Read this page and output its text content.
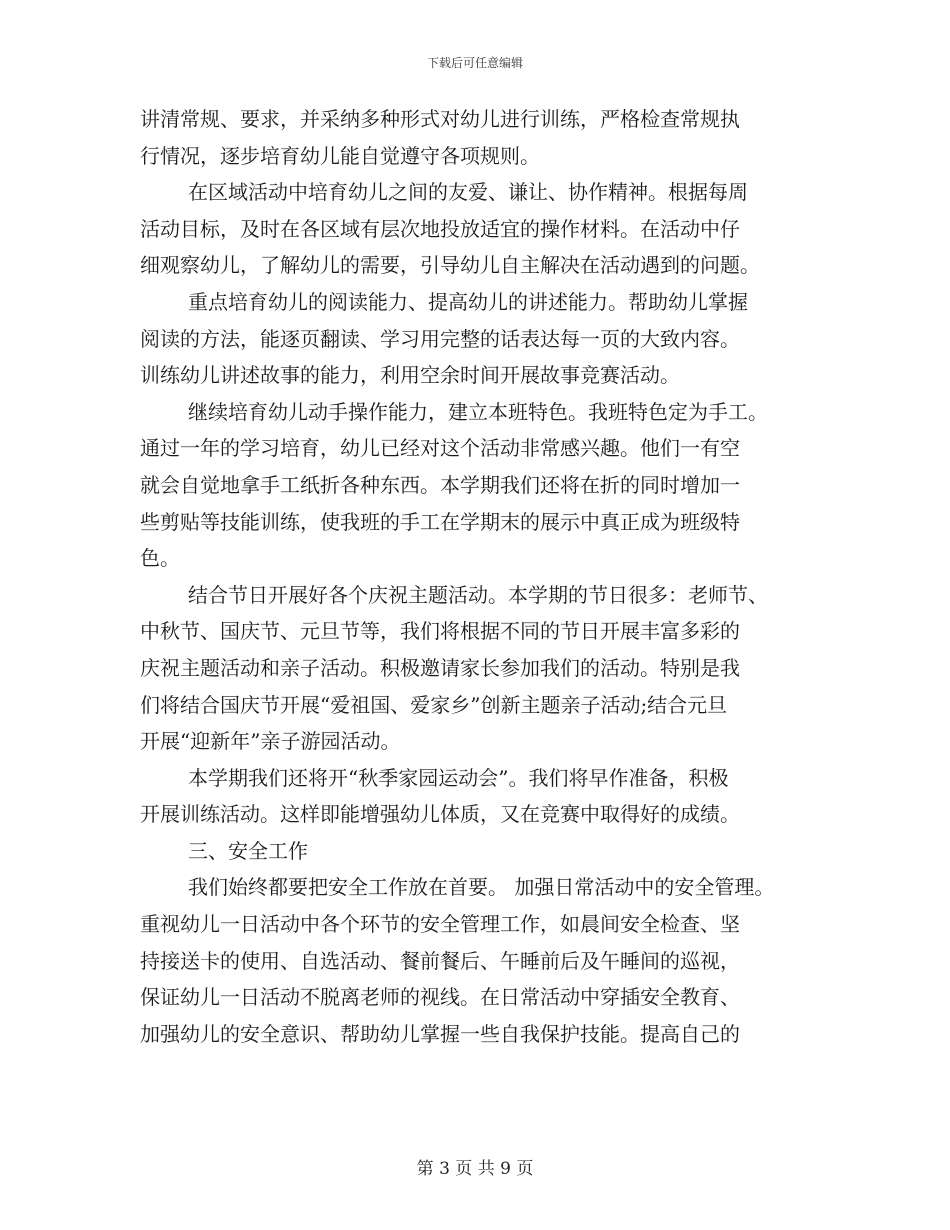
下载后可任意编辑
讲清常规、要求，并采纳多种形式对幼儿进行训练，严格检查常规执
行情况，逐步培育幼儿能自觉遵守各项规则。
在区域活动中培育幼儿之间的友爱、谦让、协作精神。根据每周
活动目标，及时在各区域有层次地投放适宜的操作材料。在活动中仔
细观察幼儿，了解幼儿的需要，引导幼儿自主解决在活动遇到的问题。
重点培育幼儿的阅读能力、提高幼儿的讲述能力。帮助幼儿掌握
阅读的方法，能逐页翻读、学习用完整的话表达每一页的大致内容。
训练幼儿讲述故事的能力，利用空余时间开展故事竞赛活动。
继续培育幼儿动手操作能力，建立本班特色。我班特色定为手工。
通过一年的学习培育，幼儿已经对这个活动非常感兴趣。他们一有空
就会自觉地拿手工纸折各种东西。本学期我们还将在折的同时增加一
些剪贴等技能训练，使我班的手工在学期末的展示中真正成为班级特
色。
结合节日开展好各个庆祝主题活动。本学期的节日很多：老师节、
中秋节、国庆节、元旦节等，我们将根据不同的节日开展丰富多彩的
庆祝主题活动和亲子活动。积极邀请家长参加我们的活动。特别是我
们将结合国庆节开展“爱祖国、爱家乡”创新主题亲子活动;结合元旦
开展“迎新年”亲子游园活动。
本学期我们还将开“秋季家园运动会”。我们将早作准备，积极
开展训练活动。这样即能增强幼儿体质，又在竞赛中取得好的成绩。
三、安全工作
我们始终都要把安全工作放在首要。 加强日常活动中的安全管理。
重视幼儿一日活动中各个环节的安全管理工作，如晨间安全检查、坚
持接送卡的使用、自选活动、餐前餐后、午睡前后及午睡间的巡视，
保证幼儿一日活动不脱离老师的视线。在日常活动中穿插安全教育、
加强幼儿的安全意识、帮助幼儿掌握一些自我保护技能。提高自己的
第 3 页 共 9 页
